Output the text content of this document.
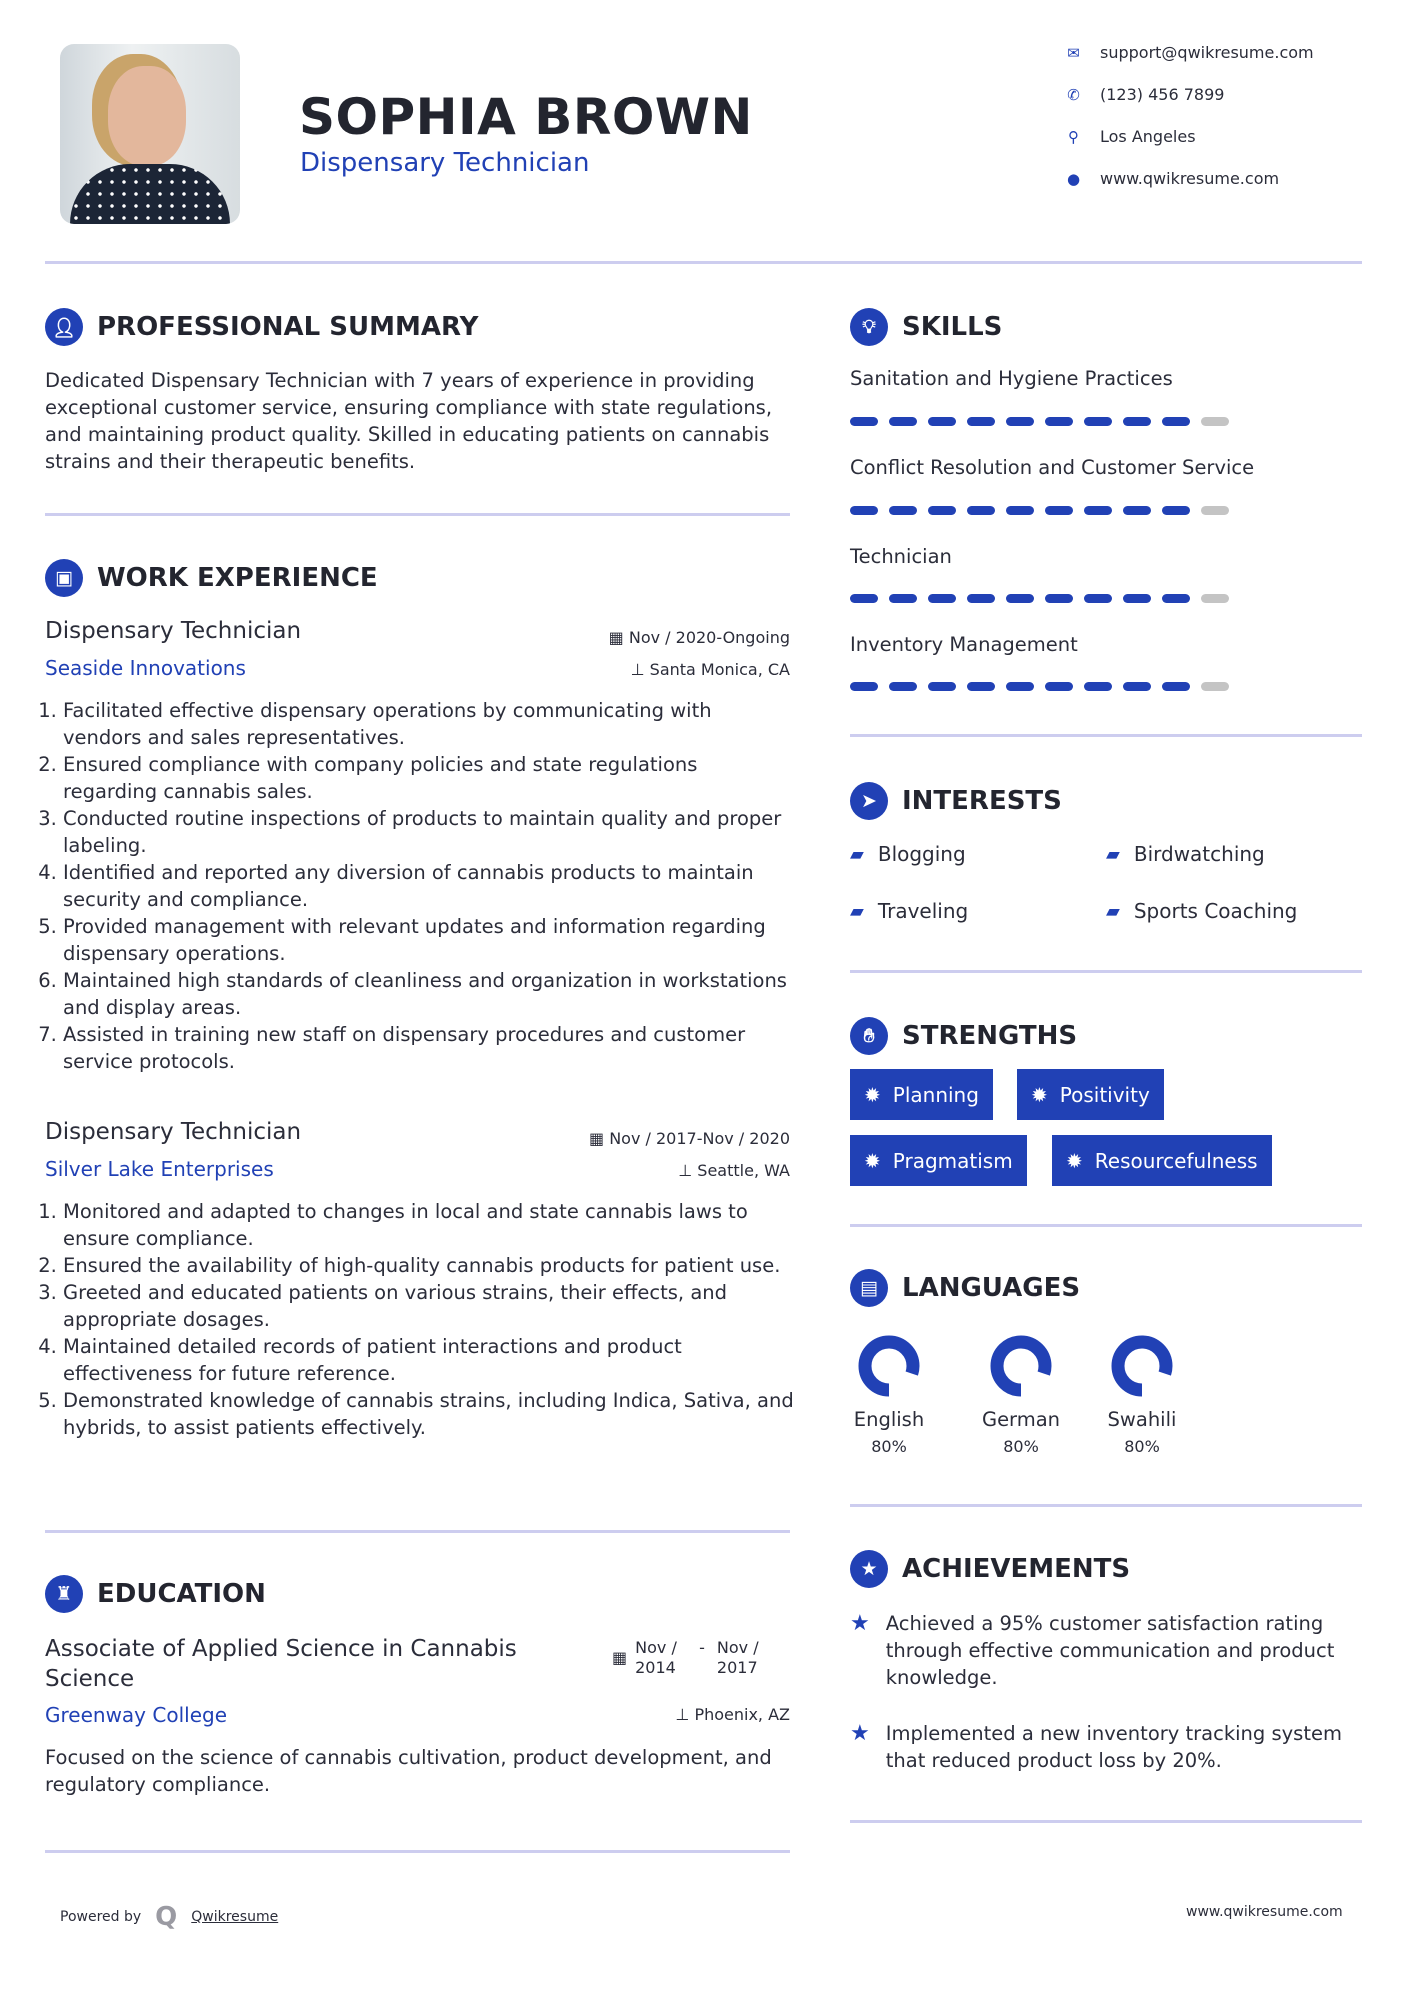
SOPHIA BROWN
Dispensary Technician
✉ support@qwikresume.com
✆ (123) 456 7899
⚲ Los Angeles
● www.qwikresume.com
👤︎ PROFESSIONAL SUMMARY
Dedicated Dispensary Technician with 7 years of experience in providing exceptional customer service, ensuring compliance with state regulations, and maintaining product quality. Skilled in educating patients on cannabis strains and their therapeutic benefits.
▣ WORK EXPERIENCE
Dispensary Technician
Seaside Innovations
▦ Nov / 2020-Ongoing
⊥ Santa Monica, CA
1. Facilitated effective dispensary operations by communicating with vendors and sales representatives.
2. Ensured compliance with company policies and state regulations regarding cannabis sales.
3. Conducted routine inspections of products to maintain quality and proper labeling.
4. Identified and reported any diversion of cannabis products to maintain security and compliance.
5. Provided management with relevant updates and information regarding dispensary operations.
6. Maintained high standards of cleanliness and organization in workstations and display areas.
7. Assisted in training new staff on dispensary procedures and customer service protocols.
Dispensary Technician
Silver Lake Enterprises
▦ Nov / 2017-Nov / 2020
⊥ Seattle, WA
1. Monitored and adapted to changes in local and state cannabis laws to ensure compliance.
2. Ensured the availability of high-quality cannabis products for patient use.
3. Greeted and educated patients on various strains, their effects, and appropriate dosages.
4. Maintained detailed records of patient interactions and product effectiveness for future reference.
5. Demonstrated knowledge of cannabis strains, including Indica, Sativa, and hybrids, to assist patients effectively.
♜ EDUCATION
Associate of Applied Science in Cannabis Science
▦
Nov / 2014
- Nov / 2017
⊥ Phoenix, AZ
Greenway College
Focused on the science of cannabis cultivation, product development, and regulatory compliance.
💡︎	SKILLS
Sanitation and Hygiene Practices
Conflict Resolution and Customer Service
Technician
Inventory Management
➤ INTERESTS
▰ Blogging	▰ Birdwatching
▰ Traveling	▰ Sports Coaching
✋︎	STRENGTHS
✹ Planning	✹ Positivity
✹ Pragmatism	✹ Resourcefulness
▤ LANGUAGES
English
80%
German
80%
Swahili
80%
★ ACHIEVEMENTS
★ Achieved a 95% customer satisfaction rating through effective communication and product knowledge.
★ Implemented a new inventory tracking system that reduced product loss by 20%.
Powered by Q Qwikresume	www.qwikresume.com
